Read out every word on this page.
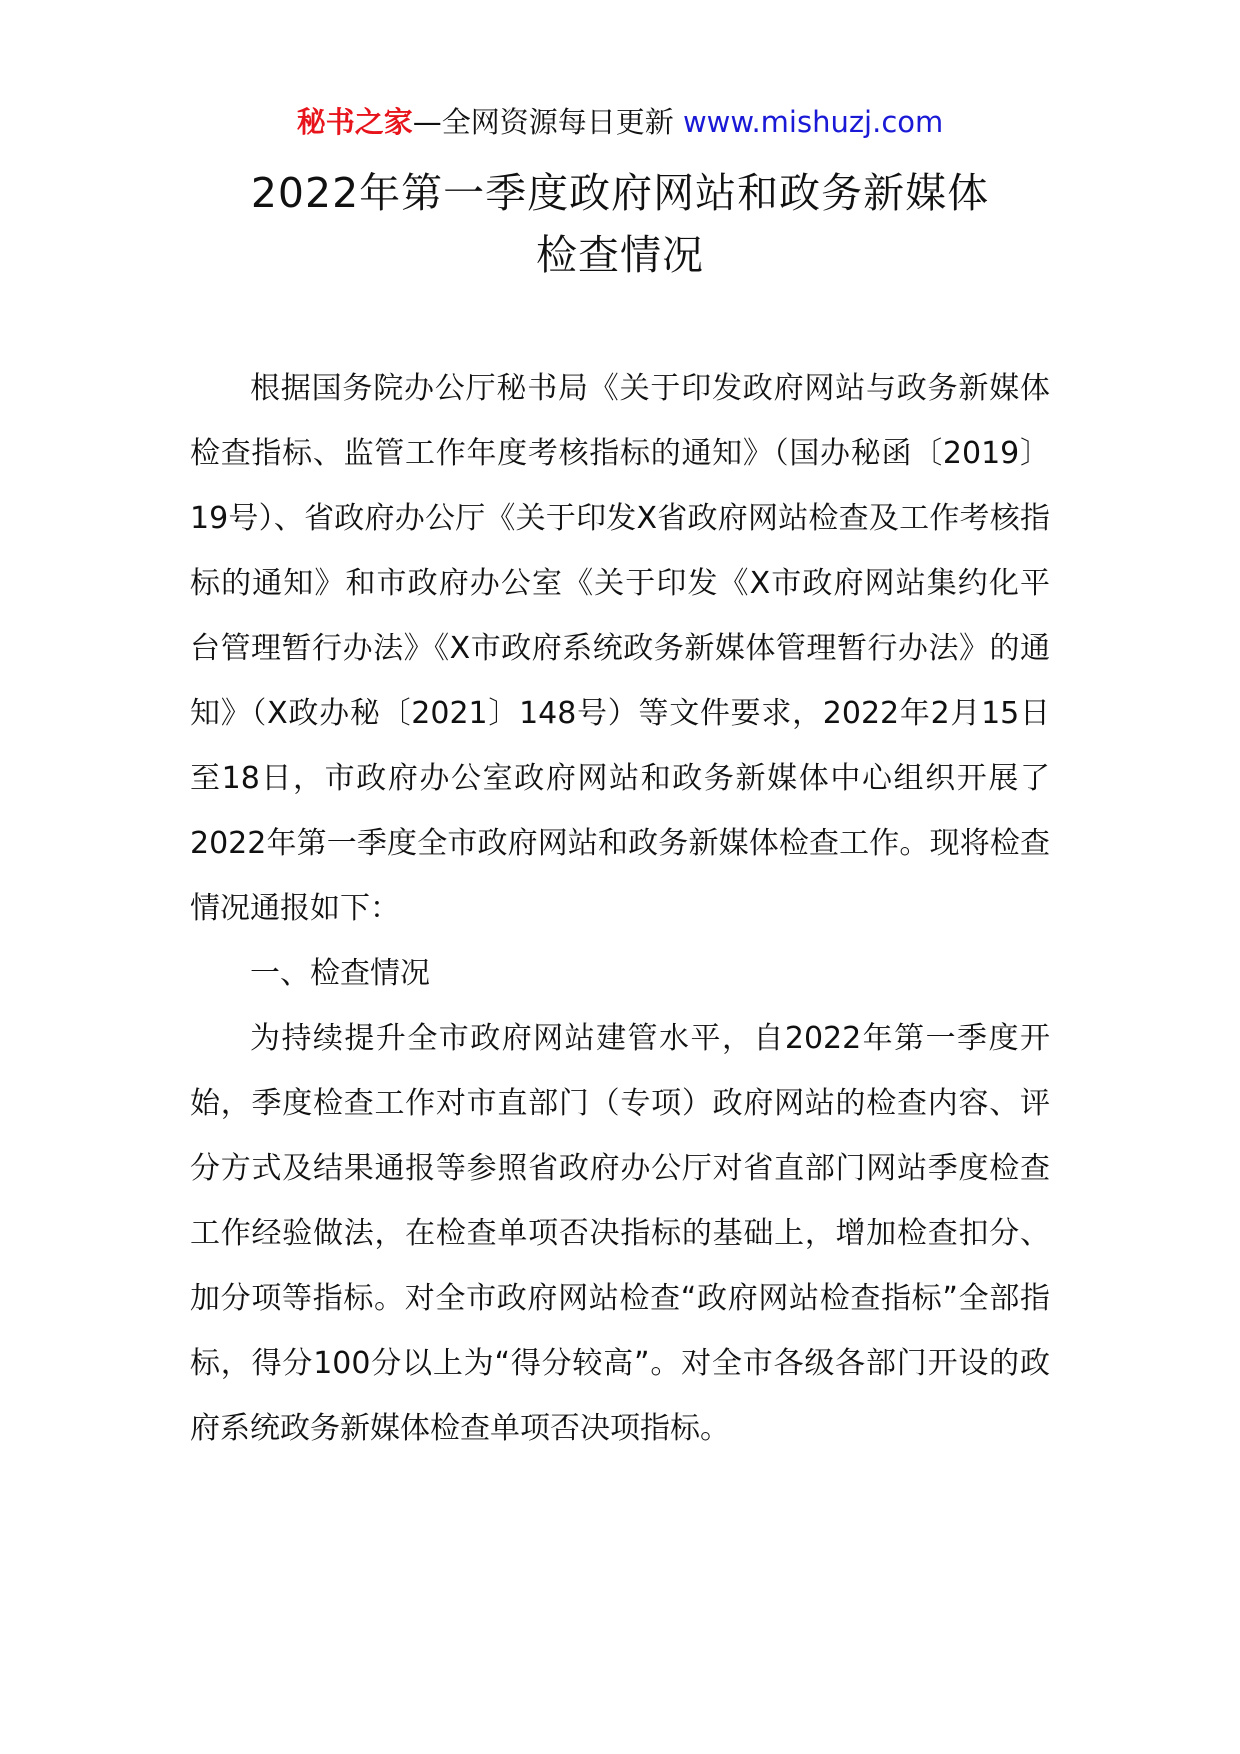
秘书之家—全网资源每日更新 www.mishuzj.com
2022年第一季度政府网站和政务新媒体
检查情况

根据国务院办公厅秘书局《关于印发政府网站与政务新媒体检查指标、监管工作年度考核指标的通知》（国办秘函〔2019〕19号）、省政府办公厅《关于印发X省政府网站检查及工作考核指标的通知》和市政府办公室《关于印发《X市政府网站集约化平台管理暂行办法》《X市政府系统政务新媒体管理暂行办法》的通知》（X政办秘〔2021〕148号）等文件要求，2022年2月15日至18日，市政府办公室政府网站和政务新媒体中心组织开展了2022年第一季度全市政府网站和政务新媒体检查工作。现将检查情况通报如下：

一、检查情况

为持续提升全市政府网站建管水平，自2022年第一季度开始，季度检查工作对市直部门（专项）政府网站的检查内容、评分方式及结果通报等参照省政府办公厅对省直部门网站季度检查工作经验做法，在检查单项否决指标的基础上，增加检查扣分、加分项等指标。对全市政府网站检查“政府网站检查指标”全部指标，得分100分以上为“得分较高”。对全市各级各部门开设的政府系统政务新媒体检查单项否决项指标。
